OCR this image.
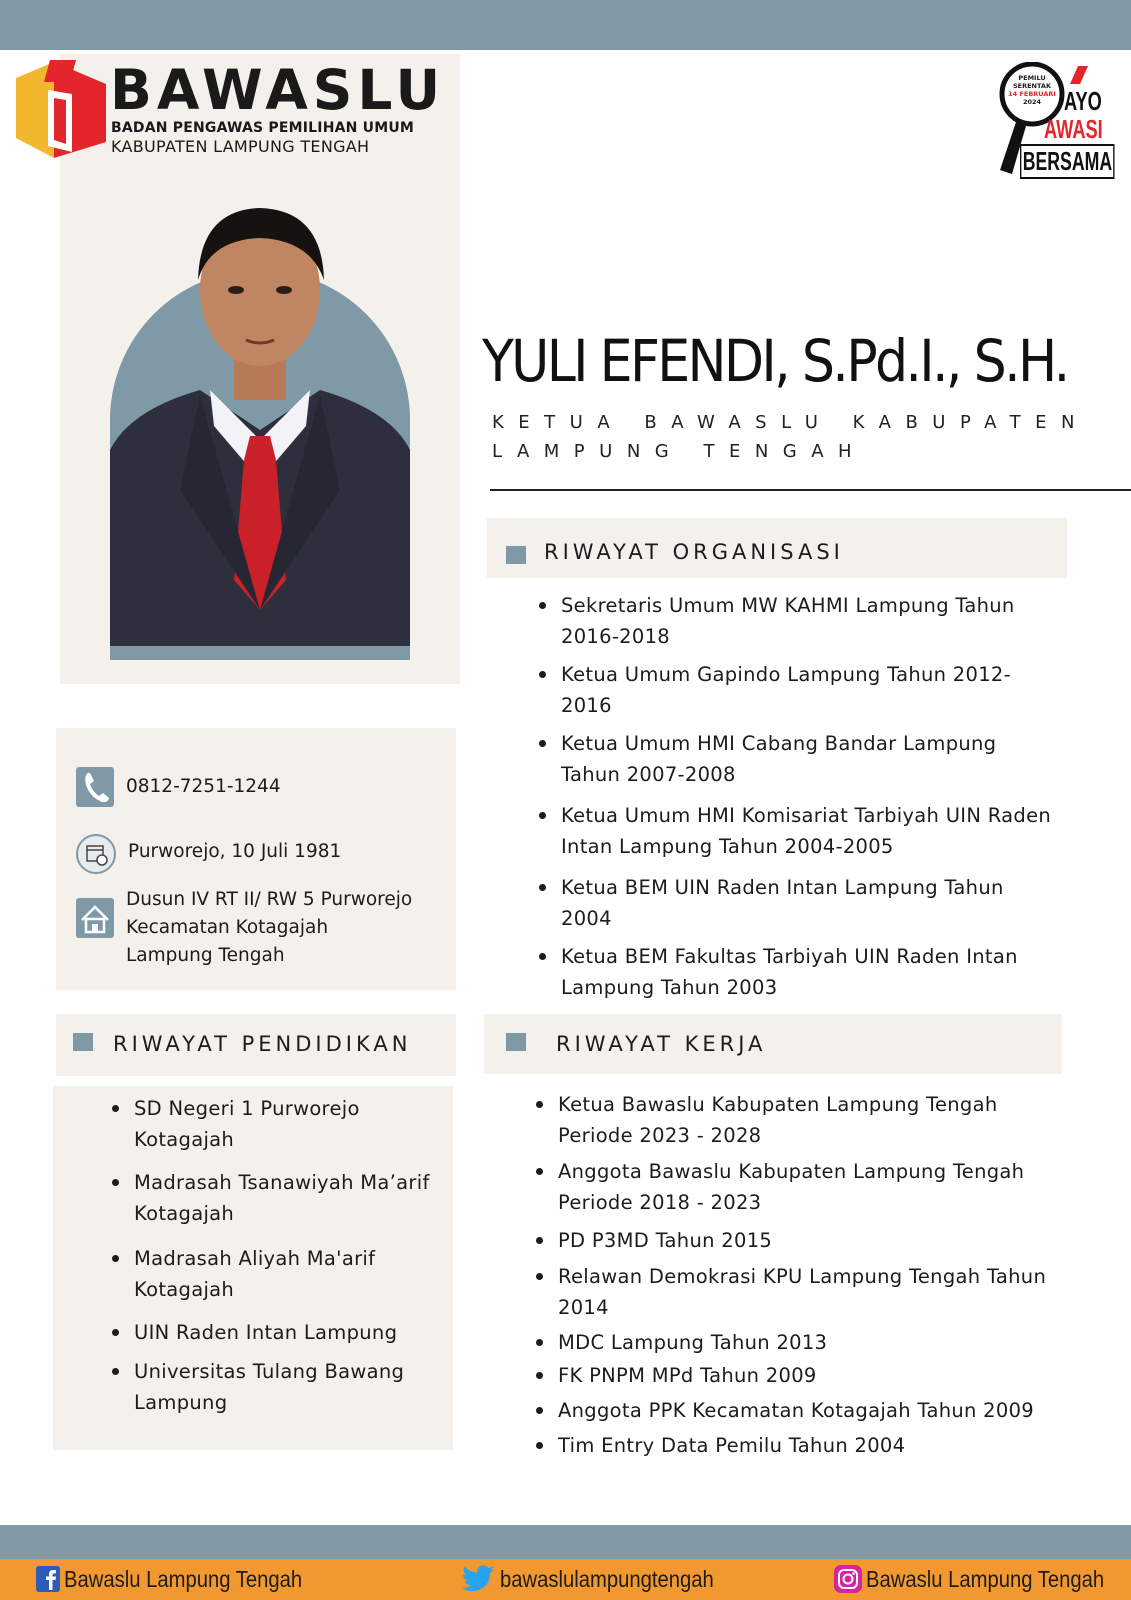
BAWASLU
BADAN PENGAWAS PEMILIHAN UMUM
KABUPATEN LAMPUNG TENGAH
PEMILU
SERENTAK
14 FEBRUARI
2024 AYO
AWASI
BERSAMA
YULI EFENDI, S.Pd.I., S.H.
KETUA BAWASLU KABUPATEN LAMPUNG TENGAH
0812-7251-1244
Purworejo, 10 Juli 1981
Dusun IV RT II/ RW 5 Purworejo
Kecamatan Kotagajah
Lampung Tengah
RIWAYAT PENDIDIKAN
SD Negeri 1 Purworejo Kotagajah
Madrasah Tsanawiyah Ma’arif Kotagajah
Madrasah Aliyah Ma'arif Kotagajah
UIN Raden Intan Lampung
Universitas Tulang Bawang Lampung
RIWAYAT ORGANISASI
Sekretaris Umum MW KAHMI Lampung Tahun 2016-2018
Ketua Umum Gapindo Lampung Tahun 2012-2016
Ketua Umum HMI Cabang Bandar Lampung Tahun 2007-2008
Ketua Umum HMI Komisariat Tarbiyah UIN Raden Intan Lampung Tahun 2004-2005
Ketua BEM UIN Raden Intan Lampung Tahun 2004
Ketua BEM Fakultas Tarbiyah UIN Raden Intan Lampung Tahun 2003
RIWAYAT KERJA
Ketua Bawaslu Kabupaten Lampung Tengah Periode 2023 - 2028
Anggota Bawaslu Kabupaten Lampung Tengah Periode 2018 - 2023
PD P3MD Tahun 2015
Relawan Demokrasi KPU Lampung Tengah Tahun 2014
MDC Lampung Tahun 2013
FK PNPM MPd Tahun 2009
Anggota PPK Kecamatan Kotagajah Tahun 2009
Tim Entry Data Pemilu Tahun 2004
Bawaslu Lampung Tengah	bawaslulampungtengah	Bawaslu Lampung Tengah
